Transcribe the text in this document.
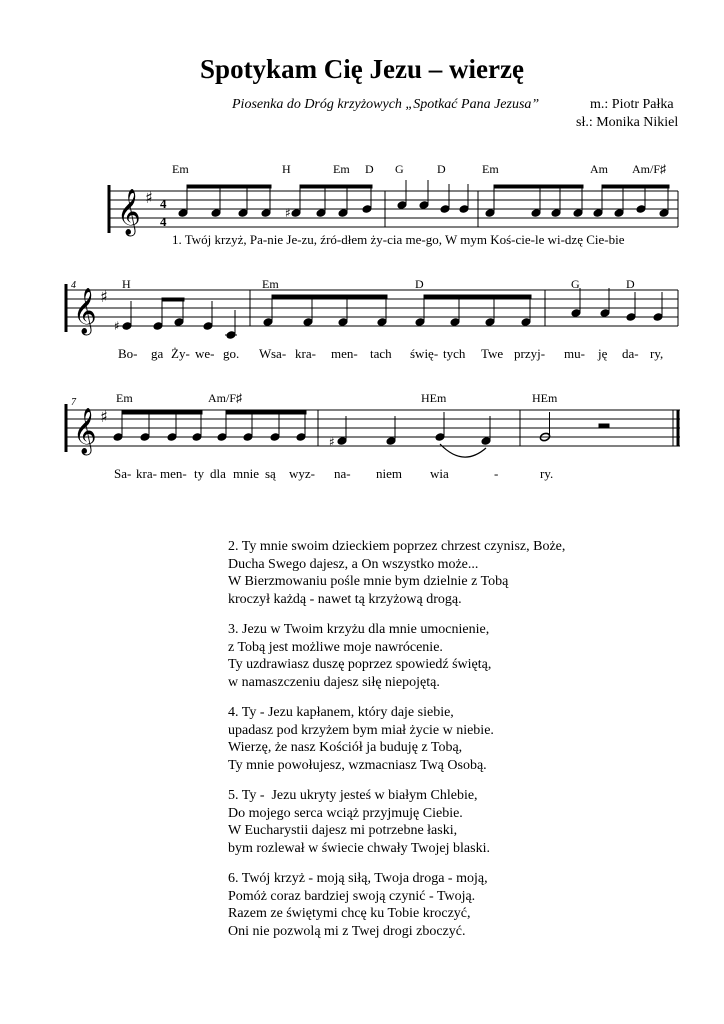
Spotykam Cię Jezu – wierzę
Piosenka do Dróg krzyżowych „Spotkać Pana Jezusa”	m.: Piotr Pałka
sł.: Monika Nikiel
𝄞 ♯ 4
4
Em	H	Em D G	D	Em	Am Am/F♯
♯
1. Twój krzyż, Pa-nie Je-zu, źró-dłem ży-cia me-go, W mym Koś-cie-le wi-dzę Cie-bie
4
𝄞 ♯
H	Em	D	G	D
♯
Bo- ga Ży- we- go. W sa- kra- men- tach świę- tych Twe przyj- mu- ję da- ry,
7
𝄞 ♯
Em	Am/F♯	HEm	HEm
♯
Sa- kra- men- ty dla mnie są wyz- na- niem wia	-	ry.
2. Ty mnie swoim dzieckiem poprzez chrzest czynisz, Boże,
Ducha Swego dajesz, a On wszystko może...
W Bierzmowaniu pośle mnie bym dzielnie z Tobą
kroczył każdą - nawet tą krzyżową drogą.
3. Jezu w Twoim krzyżu dla mnie umocnienie,
z Tobą jest możliwe moje nawrócenie.
Ty uzdrawiasz duszę poprzez spowiedź świętą,
w namaszczeniu dajesz siłę niepojętą.
4. Ty - Jezu kapłanem, który daje siebie,
upadasz pod krzyżem bym miał życie w niebie.
Wierzę, że nasz Kościół ja buduję z Tobą,
Ty mnie powołujesz, wzmacniasz Twą Osobą.
5. Ty -  Jezu ukryty jesteś w białym Chlebie,
Do mojego serca wciąż przyjmuję Ciebie.
W Eucharystii dajesz mi potrzebne łaski,
bym rozlewał w świecie chwały Twojej blaski.
6. Twój krzyż - moją siłą, Twoja droga - moją,
Pomóż coraz bardziej swoją czynić - Twoją.
Razem ze świętymi chcę ku Tobie kroczyć,
Oni nie pozwolą mi z Twej drogi zboczyć.
